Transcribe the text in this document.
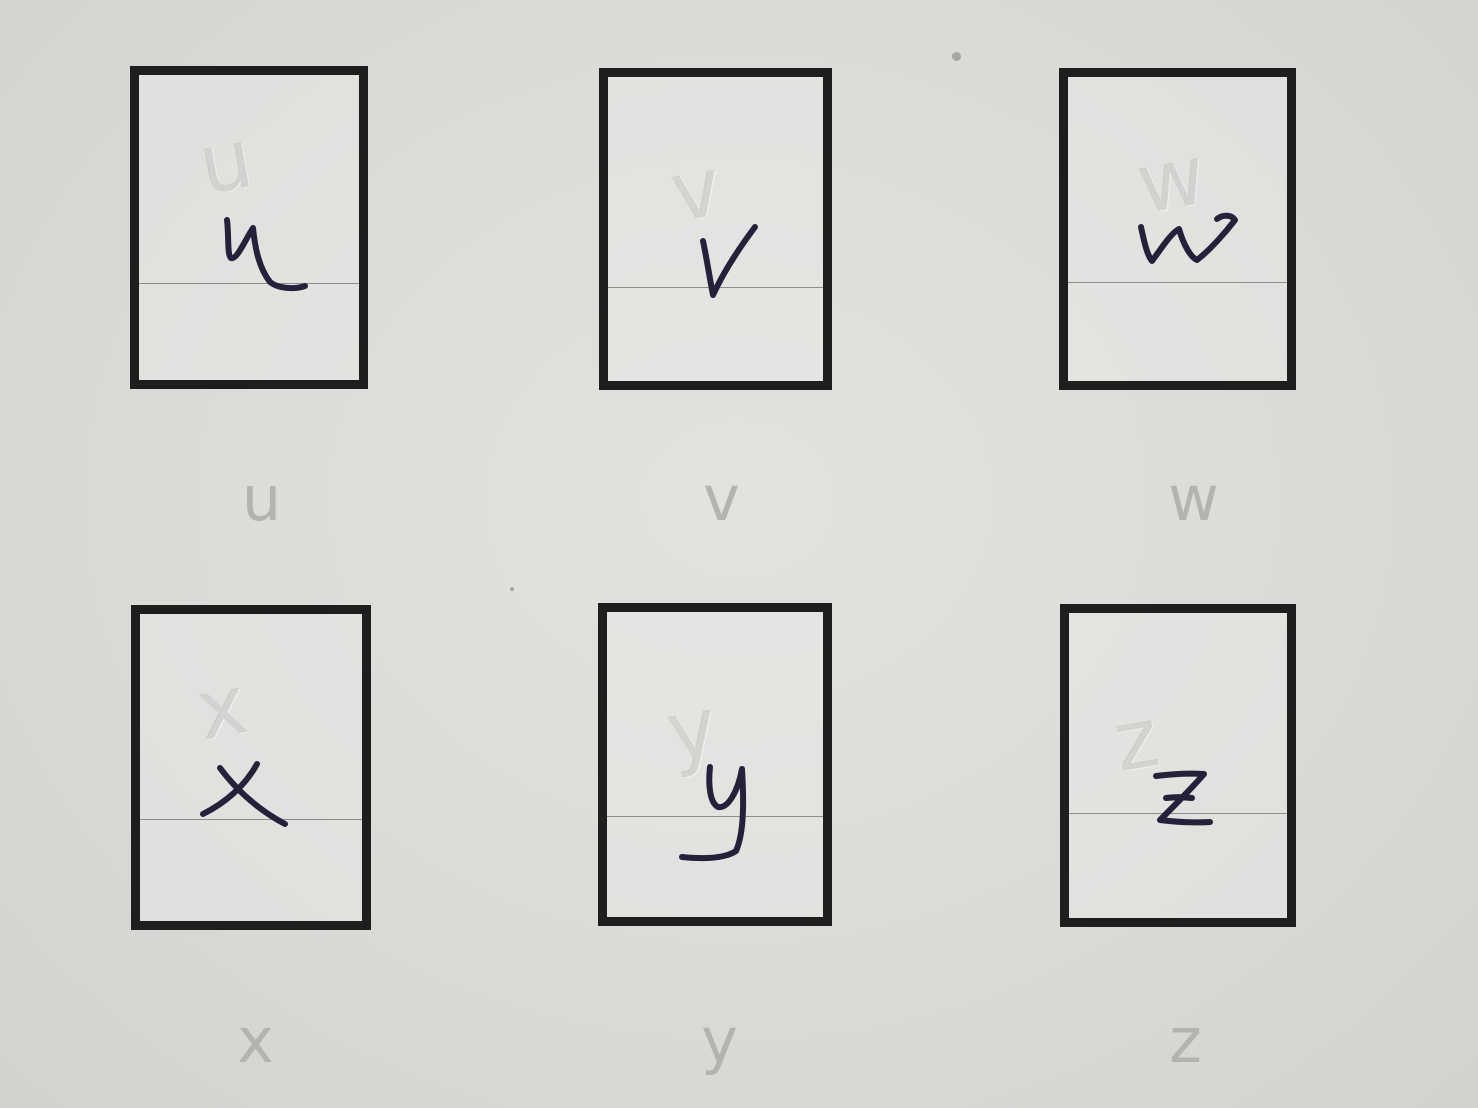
u
u
v
v
w
w
x
x
y
y
z
z
